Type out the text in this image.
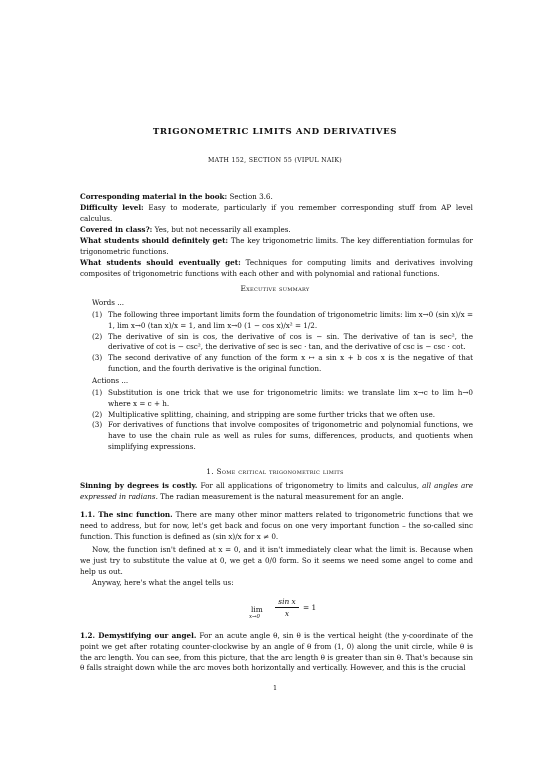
TRIGONOMETRIC LIMITS AND DERIVATIVES

MATH 152, SECTION 55 (VIPUL NAIK)

Corresponding material in the book: Section 3.6.

Difficulty level: Easy to moderate, particularly if you remember corresponding stuff from AP level calculus.

Covered in class?: Yes, but not necessarily all examples.

What students should definitely get: The key trigonometric limits. The key differentiation formulas for trigonometric functions.

What students should eventually get: Techniques for computing limits and derivatives involving composites of trigonometric functions with each other and with polynomial and rational functions.

Executive summary

Words ...

(1) The following three important limits form the foundation of trigonometric limits: lim x→0 (sin x)/x = 1, lim x→0 (tan x)/x = 1, and lim x→0 (1 − cos x)/x² = 1/2.
(2) The derivative of sin is cos, the derivative of cos is − sin. The derivative of tan is sec², the derivative of cot is − csc², the derivative of sec is sec · tan, and the derivative of csc is − csc · cot.
(3) The second derivative of any function of the form x ↦ a sin x + b cos x is the negative of that function, and the fourth derivative is the original function.

Actions ...

(1) Substitution is one trick that we use for trigonometric limits: we translate lim x→c to lim h→0 where x = c + h.
(2) Multiplicative splitting, chaining, and stripping are some further tricks that we often use.
(3) For derivatives of functions that involve composites of trigonometric and polynomial functions, we have to use the chain rule as well as rules for sums, differences, products, and quotients when simplifying expressions.

1. Some critical trigonometric limits

Sinning by degrees is costly. For all applications of trigonometry to limits and calculus, all angles are expressed in radians. The radian measurement is the natural measurement for an angle.

1.1. The sinc function. There are many other minor matters related to trigonometric functions that we need to address, but for now, let's get back and focus on one very important function – the so-called sinc function. This function is defined as (sin x)/x for x ≠ 0.

Now, the function isn't defined at x = 0, and it isn't immediately clear what the limit is. Because when we just try to substitute the value at 0, we get a 0/0 form. So it seems we need some angel to come and help us out.

Anyway, here's what the angel tells us:

lim
x→0
sin x
x
= 1

1.2. Demystifying our angel. For an acute angle θ, sin θ is the vertical height (the y-coordinate of the point we get after rotating counter-clockwise by an angle of θ from (1, 0) along the unit circle, while θ is the arc length. You can see, from this picture, that the arc length θ is greater than sin θ. That's because sin θ falls straight down while the arc moves both horizontally and vertically. However, and this is the crucial

1
